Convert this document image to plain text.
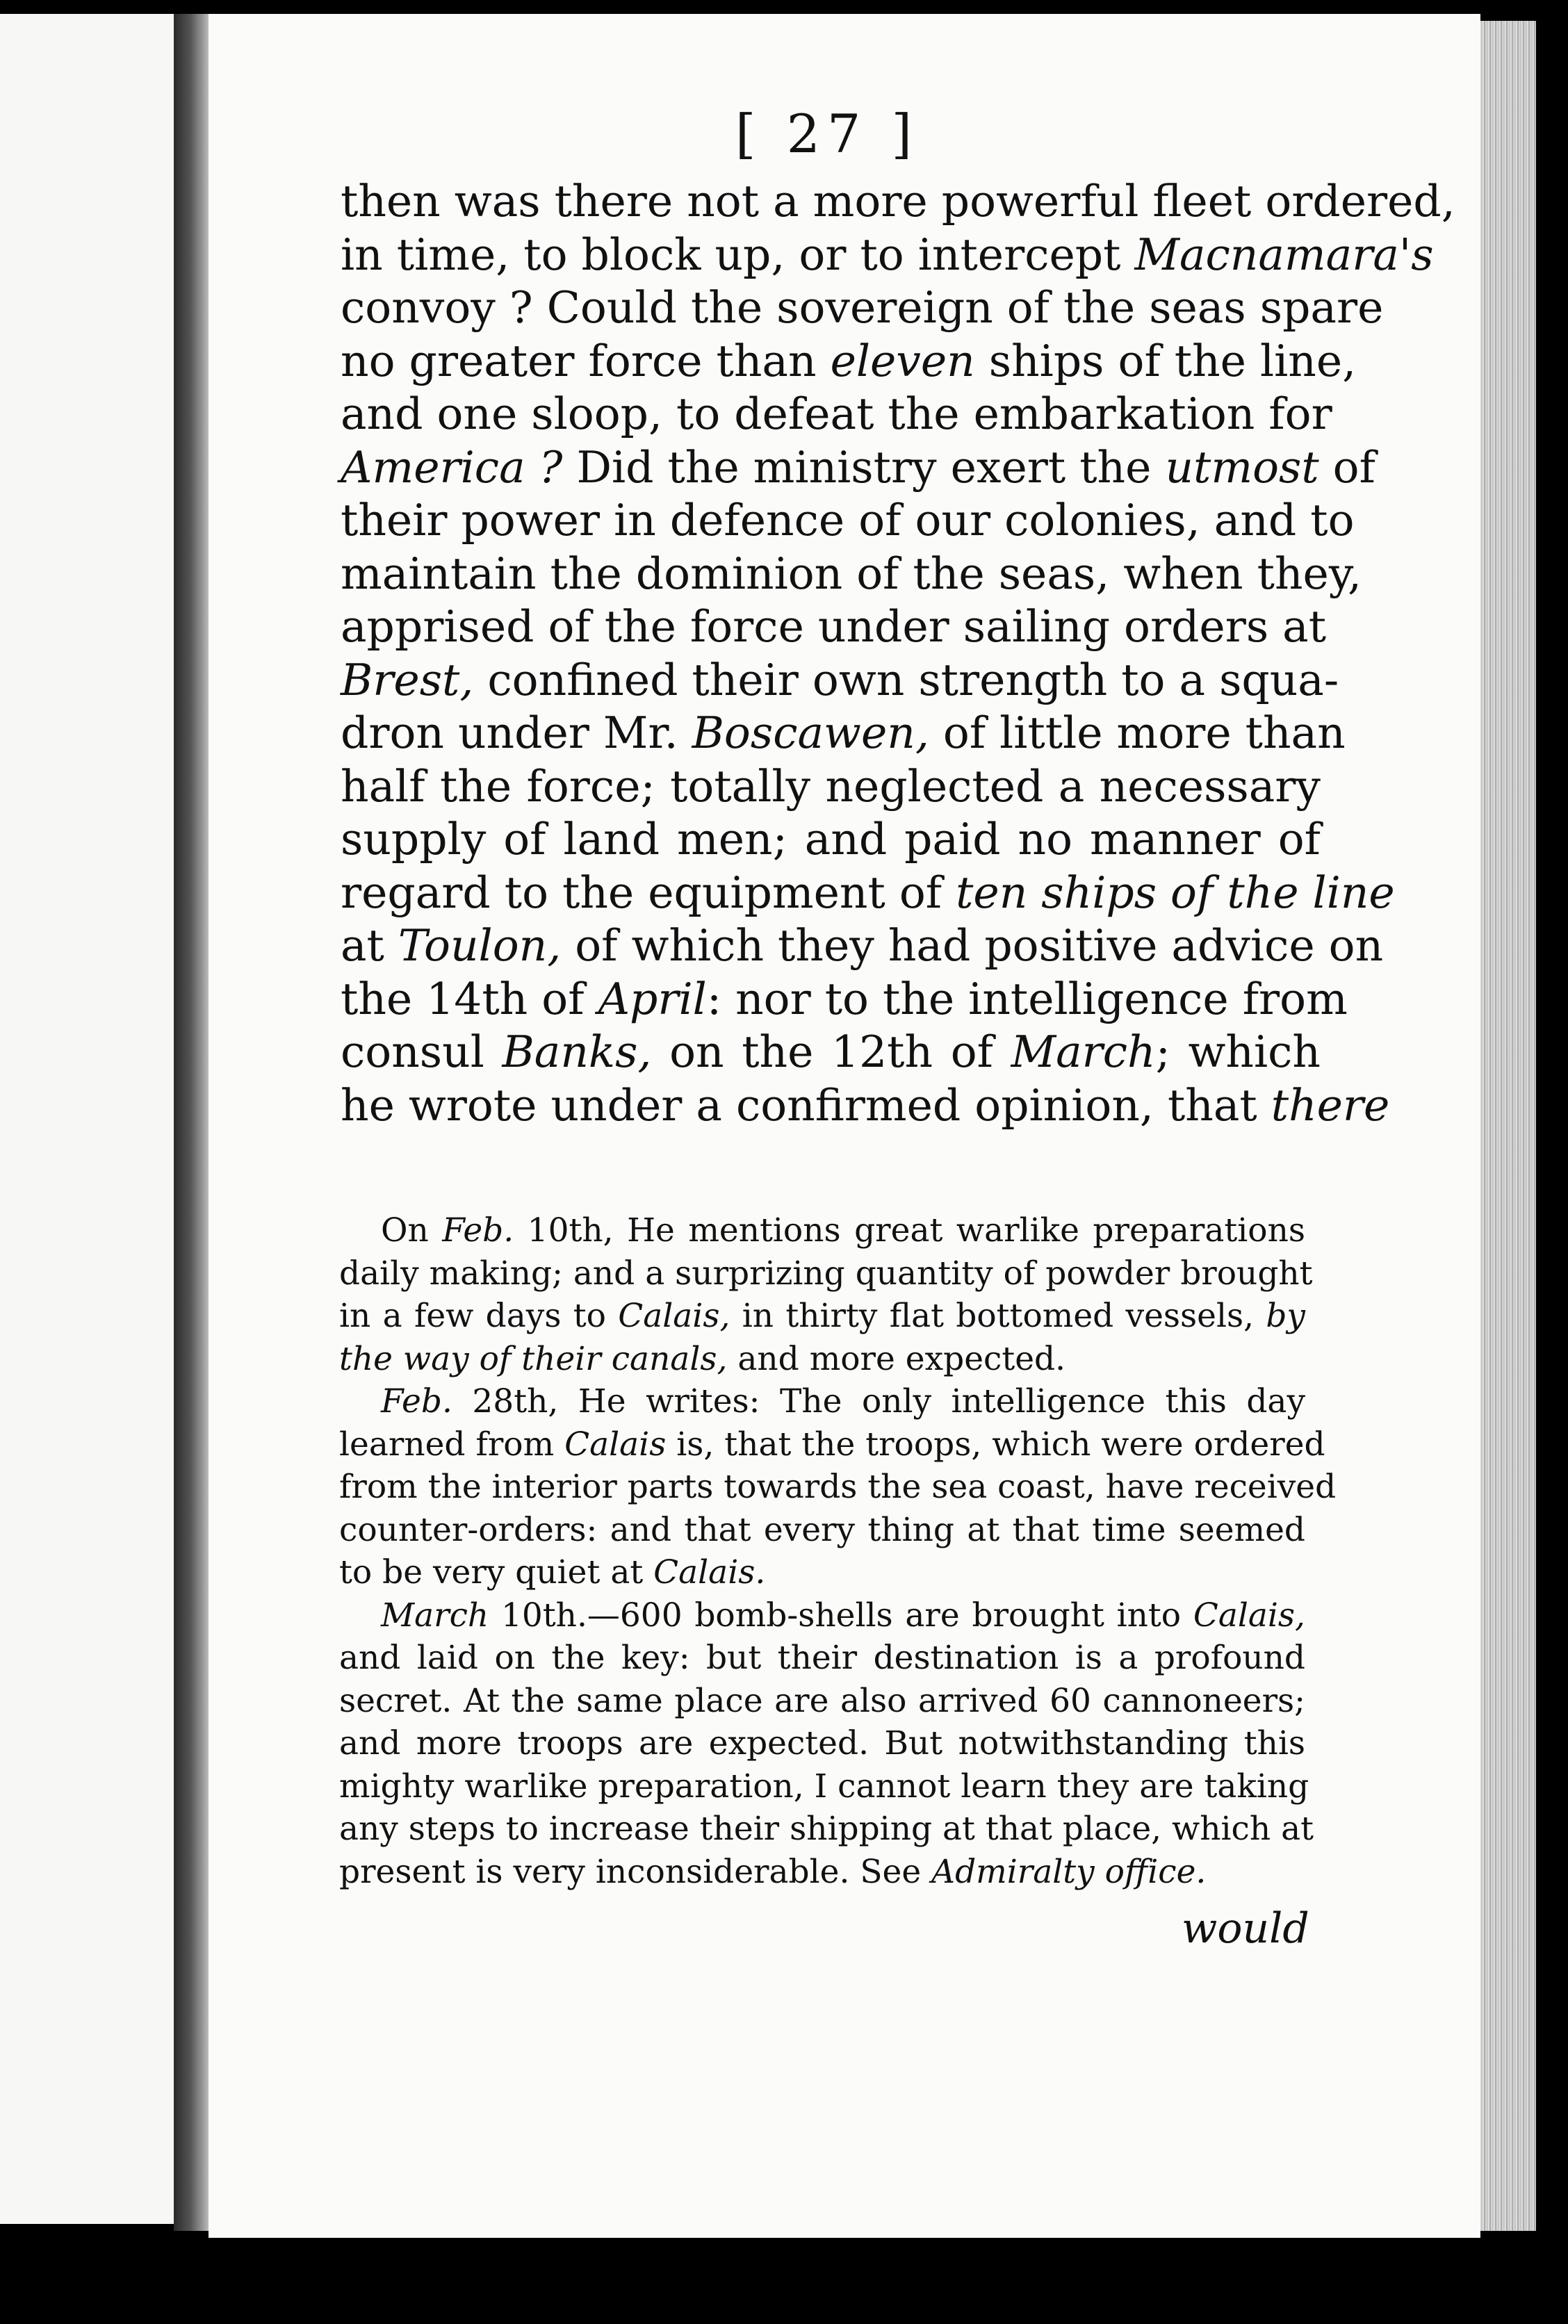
[ 27 ]
then was there not a more powerful fleet ordered,
in time, to block up, or to intercept Macnamara's
convoy ? Could the sovereign of the seas spare
no greater force than eleven ships of the line,
and one sloop, to defeat the embarkation for
America ? Did the ministry exert the utmost of
their power in defence of our colonies, and to
maintain the dominion of the seas, when they,
apprised of the force under sailing orders at
Brest, confined their own strength to a squa-
dron under Mr. Boscawen, of little more than
half the force; totally neglected a necessary
supply of land men; and paid no manner of
regard to the equipment of ten ships of the line
at Toulon, of which they had positive advice on
the 14th of April: nor to the intelligence from
consul Banks, on the 12th of March; which
he wrote under a confirmed opinion, that there
On Feb. 10th, He mentions great warlike preparations
daily making; and a surprizing quantity of powder brought
in a few days to Calais, in thirty flat bottomed vessels, by
the way of their canals, and more expected.
Feb. 28th, He writes: The only intelligence this day
learned from Calais is, that the troops, which were ordered
from the interior parts towards the sea coast, have received
counter-orders: and that every thing at that time seemed
to be very quiet at Calais.
March 10th.—600 bomb-shells are brought into Calais,
and laid on the key: but their destination is a profound
secret. At the same place are also arrived 60 cannoneers;
and more troops are expected. But notwithstanding this
mighty warlike preparation, I cannot learn they are taking
any steps to increase their shipping at that place, which at
present is very inconsiderable. See Admiralty office.
would
